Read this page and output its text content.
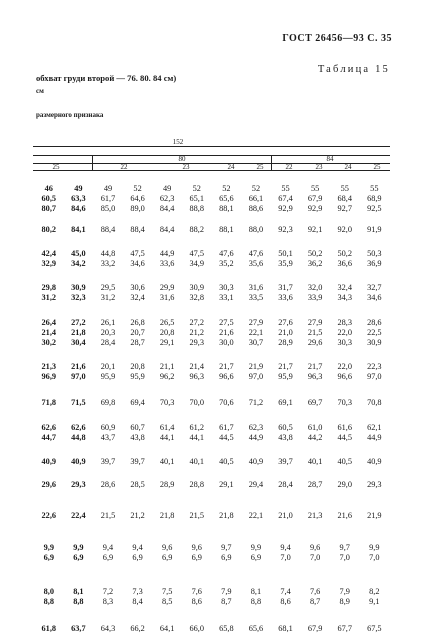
ГОСТ 26456—93 С. 35
Таблица 15
обхват груди второй — 76. 80. 84 см)
см
размерного признака
152
80	84
25	22	23	24	25	22	23	24	25
46	49	49	52	49	52	52	52	55	55	55	55
60,5	63,3	61,7	64,6	62,3	65,1	65,6	66,1	67,4	67,9	68,4	68,9
80,7	84,6	85,0	89,0	84,4	88,8	88,1	88,6	92,9	92,9	92,7	92,5
80,2	84,1	88,4	88,4	84,4	88,2	88,1	88,0	92,3	92,1	92,0	91,9
42,4	45,0	44,8	47,5	44,9	47,5	47,6	47,6	50,1	50,2	50,2	50,3
32,9	34,2	33,2	34,6	33,6	34,9	35,2	35,6	35,9	36,2	36,6	36,9
29,8	30,9	29,5	30,6	29,9	30,9	30,3	31,6	31,7	32,0	32,4	32,7
31,2	32,3	31,2	32,4	31,6	32,8	33,1	33,5	33,6	33,9	34,3	34,6
26,4	27,2	26,1	26,8	26,5	27,2	27,5	27,9	27,6	27,9	28,3	28,6
21,4	21,8	20,3	20,7	20,8	21,2	21,6	22,1	21,0	21,5	22,0	22,5
30,2	30,4	28,4	28,7	29,1	29,3	30,0	30,7	28,9	29,6	30,3	30,9
21,3	21,6	20,1	20,8	21,1	21,4	21,7	21,9	21,7	21,7	22,0	22,3
96,9	97,0	95,9	95,9	96,2	96,3	96,6	97,0	95,9	96,3	96,6	97,0
71,8	71,5	69,8	69,4	70,3	70,0	70,6	71,2	69,1	69,7	70,3	70,8
62,6	62,6	60,9	60,7	61,4	61,2	61,7	62,3	60,5	61,0	61,6	62,1
44,7	44,8	43,7	43,8	44,1	44,1	44,5	44,9	43,8	44,2	44,5	44,9
40,9	40,9	39,7	39,7	40,1	40,1	40,5	40,9	39,7	40,1	40,5	40,9
29,6	29,3	28,6	28,5	28,9	28,8	29,1	29,4	28,4	28,7	29,0	29,3
22,6	22,4	21,5	21,2	21,8	21,5	21,8	22,1	21,0	21,3	21,6	21,9
9,9	9,9	9,4	9,4	9,6	9,6	9,7	9,9	9,4	9,6	9,7	9,9
6,9	6,9	6,9	6,9	6,9	6,9	6,9	6,9	7,0	7,0	7,0	7,0
8,0	8,1	7,2	7,3	7,5	7,6	7,9	8,1	7,4	7,6	7,9	8,2
8,8	8,8	8,3	8,4	8,5	8,6	8,7	8,8	8,6	8,7	8,9	9,1
61,8	63,7	64,3	66,2	64,1	66,0	65,8	65,6	68,1	67,9	67,7	67,5
